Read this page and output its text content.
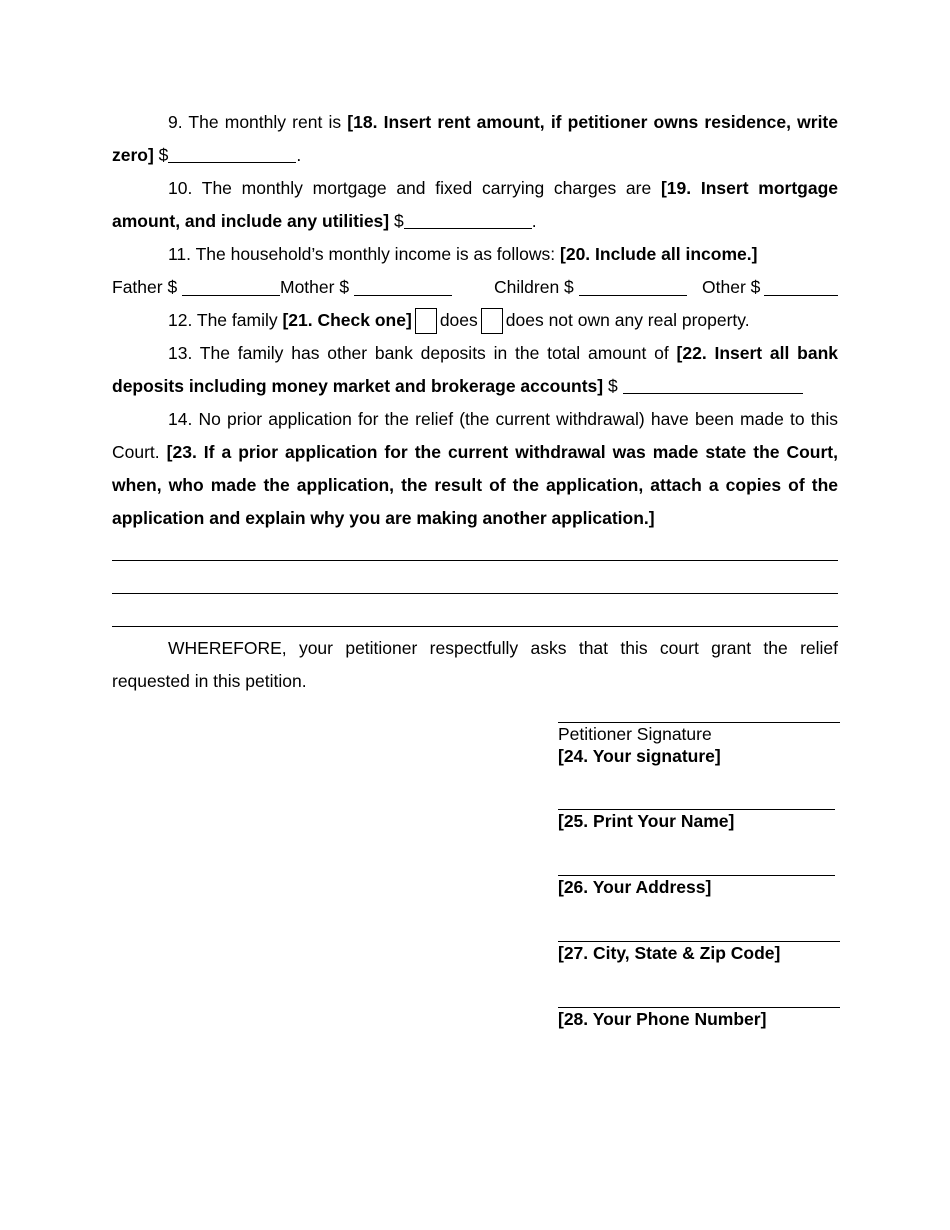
9. The monthly rent is [18. Insert rent amount, if petitioner owns residence, write zero] $	.

10. The monthly mortgage and fixed carrying charges are [19. Insert mortgage amount, and include any utilities] $	.

11. The household’s monthly income is as follows: [20. Include all income.]

Father $	Mother $	Children $	Other $

12. The family [21. Check one] does does not own any real property.

13. The family has other bank deposits in the total amount of [22. Insert all bank deposits including money market and brokerage accounts] $

14. No prior application for the relief (the current withdrawal) have been made to this Court. [23. If a prior application for the current withdrawal was made state the Court, when, who made the application, the result of the application, attach a copies of the application and explain why you are making another application.]

WHEREFORE, your petitioner respectfully asks that this court grant the relief requested in this petition.

Petitioner Signature
[24. Your signature]
[25. Print Your Name]
[26. Your Address]
[27. City, State & Zip Code]
[28. Your Phone Number]
